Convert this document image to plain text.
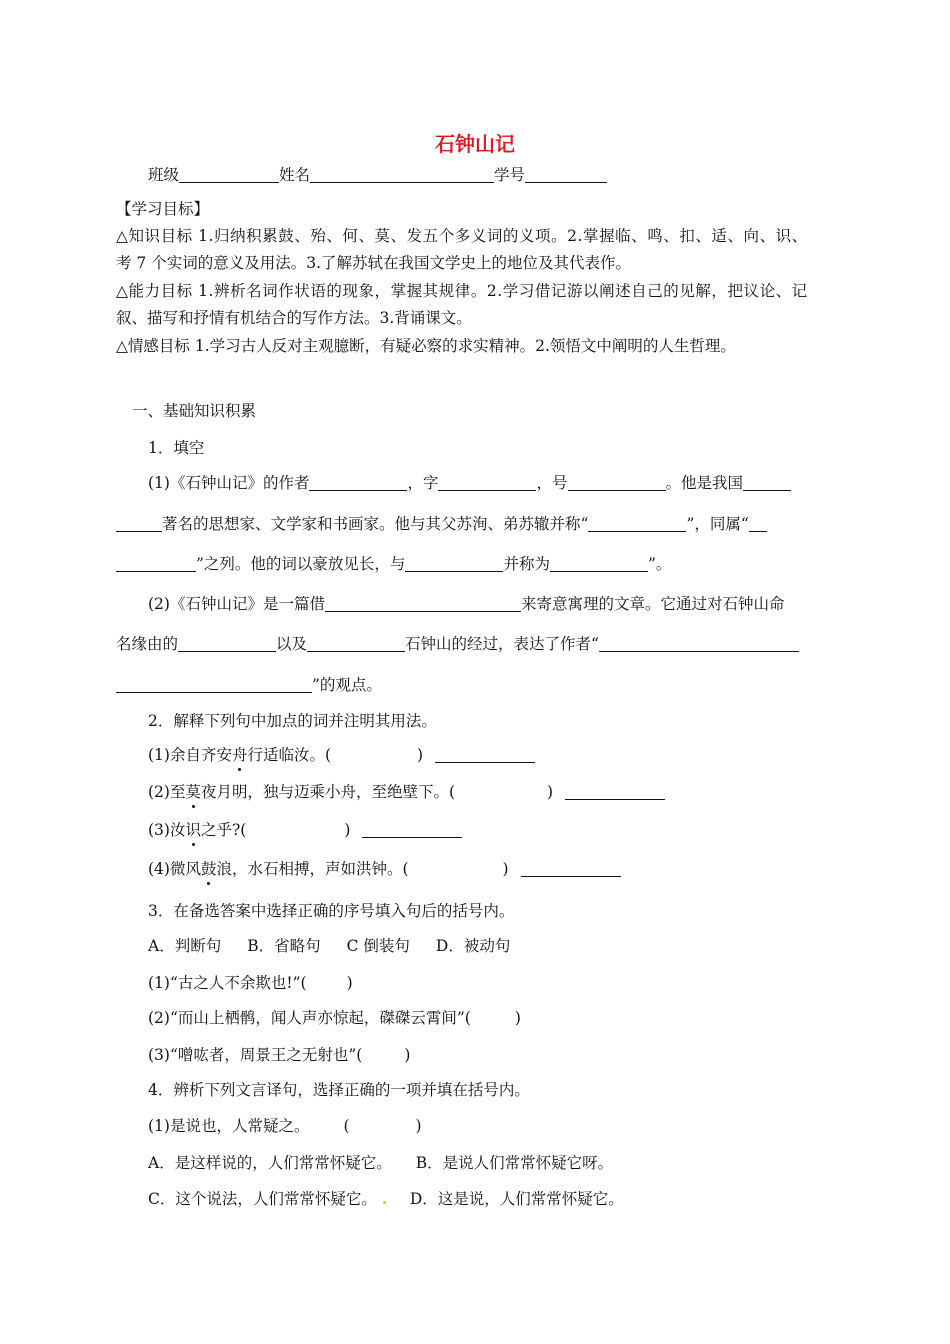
石钟山记
班级	姓名	学号
【学习目标】
△知识目标 1.归纳积累鼓、殆、何、莫、发五个多义词的义项。2.掌握临、鸣、扣、适、向、识、
考 7 个实词的意义及用法。3.了解苏轼在我国文学史上的地位及其代表作。
△能力目标 1.辨析名词作状语的现象，掌握其规律。2.学习借记游以阐述自己的见解，把议论、记
叙、描写和抒情有机结合的写作方法。3.背诵课文。
△情感目标 1.学习古人反对主观臆断，有疑必察的求实精神。2.领悟文中阐明的人生哲理。
一、基础知识积累
1．填空
(1)《石钟山记》的作者	，字	，号	。他是我国
著名的思想家、文学家和书画家。他与其父苏洵、弟苏辙并称“	”，同属“
”之列。他的词以豪放见长，与	并称为	”。
(2)《石钟山记》是一篇借	来寄意寓理的文章。它通过对石钟山命
名缘由的	以及	石钟山的经过，表达了作者“
”的观点。
2．解释下列句中加点的词并注明其用法。
(1)余自齐安舟行适临汝。(	)
(2)至莫夜月明，独与迈乘小舟，至绝壁下。(	)
(3)汝识之乎?(	)
(4)微风鼓浪，水石相搏，声如洪钟。(	)
3．在备选答案中选择正确的序号填入句后的括号内。
A．判断句 B．省略句 C 倒装句 D．被动句
(1)“古之人不余欺也!”(	)
(2)“而山上栖鹘，闻人声亦惊起，磔磔云霄间”(	)
(3)“噌吰者，周景王之无射也”(	)
4．辨析下列文言译句，选择正确的一项并填在括号内。
(1)是说也，人常疑之。 (	)
A．是这样说的，人们常常怀疑它。 B．是说人们常常怀疑它呀。
C．这个说法，人们常常怀疑它。 D．这是说，人们常常怀疑它。
